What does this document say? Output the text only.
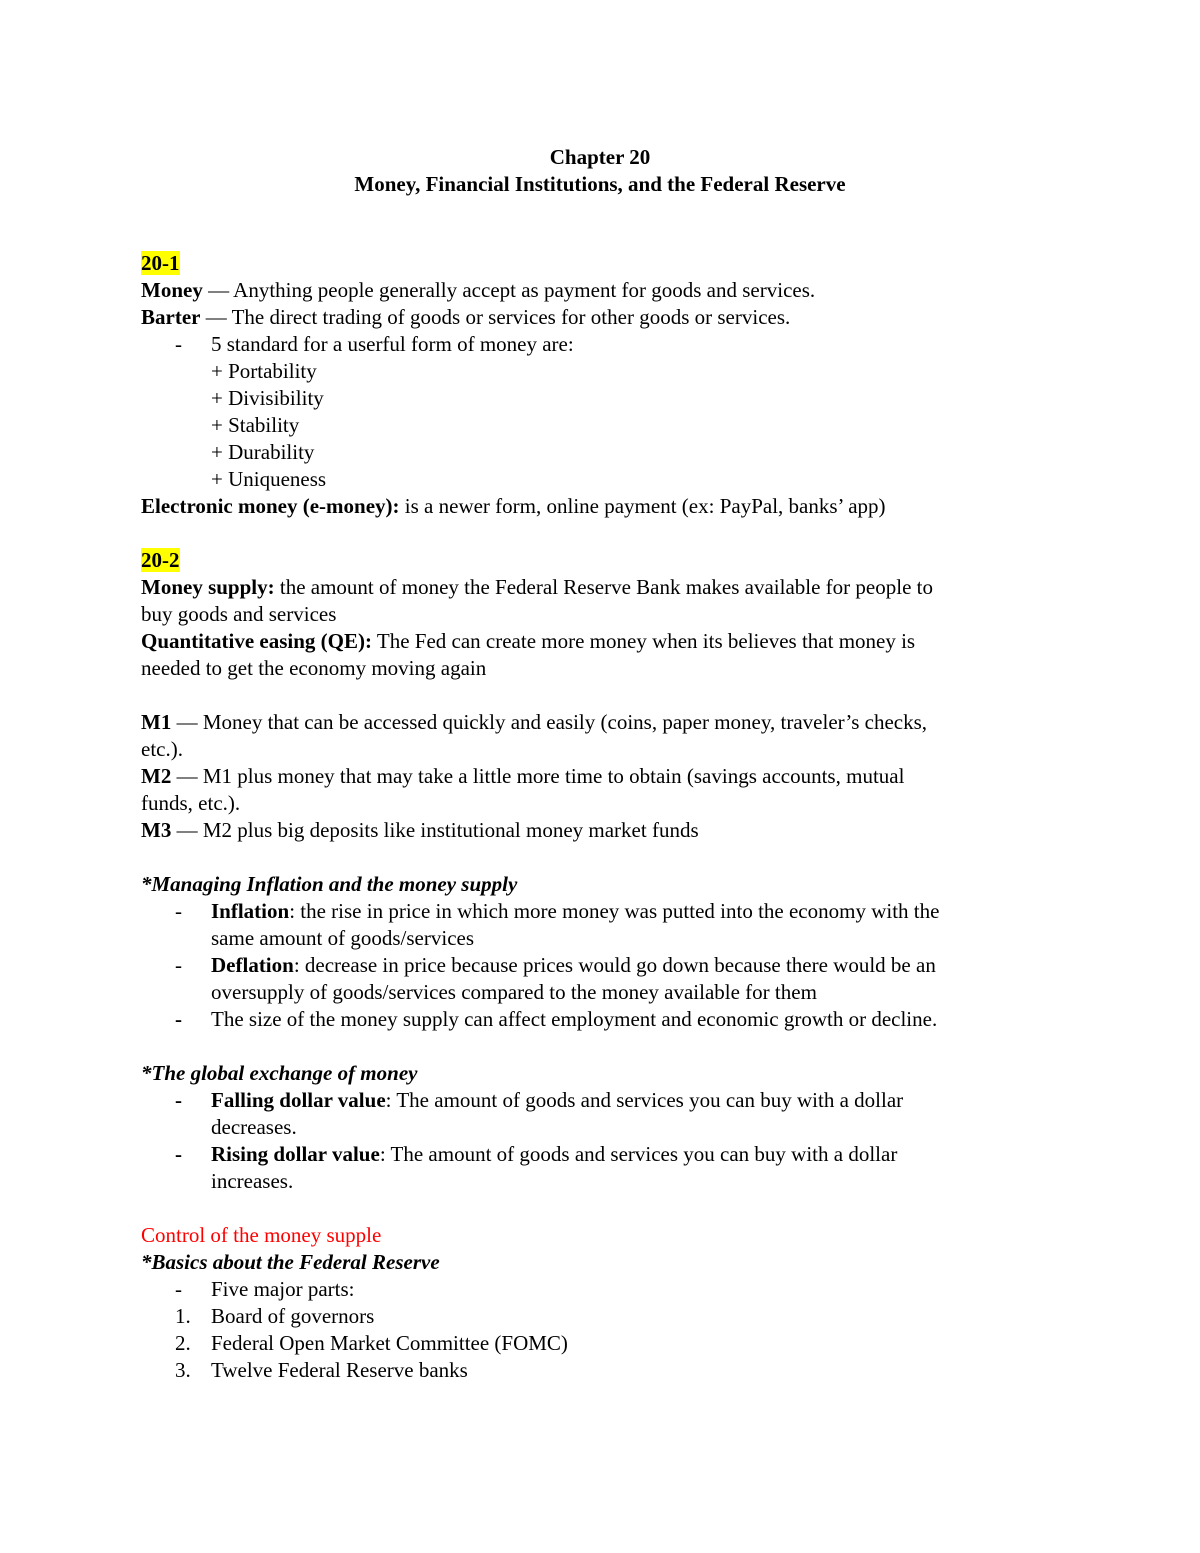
Chapter 20
Money, Financial Institutions, and the Federal Reserve
20-1
Money — Anything people generally accept as payment for goods and services.
Barter — The direct trading of goods or services for other goods or services.
- 5 standard for a userful form of money are:
+ Portability
+ Divisibility
+ Stability
+ Durability
+ Uniqueness
Electronic money (e-money): is a newer form, online payment (ex: PayPal, banks’ app)
20-2
Money supply: the amount of money the Federal Reserve Bank makes available for people to
buy goods and services
Quantitative easing (QE): The Fed can create more money when its believes that money is
needed to get the economy moving again
M1 — Money that can be accessed quickly and easily (coins, paper money, traveler’s checks,
etc.).
M2 — M1 plus money that may take a little more time to obtain (savings accounts, mutual
funds, etc.).
M3 — M2 plus big deposits like institutional money market funds
*Managing Inflation and the money supply
- Inflation: the rise in price in which more money was putted into the economy with the
same amount of goods/services
- Deflation: decrease in price because prices would go down because there would be an
oversupply of goods/services compared to the money available for them
- The size of the money supply can affect employment and economic growth or decline.
*The global exchange of money
- Falling dollar value: The amount of goods and services you can buy with a dollar
decreases.
- Rising dollar value: The amount of goods and services you can buy with a dollar
increases.
Control of the money supple
*Basics about the Federal Reserve
- Five major parts:
1. Board of governors
2. Federal Open Market Committee (FOMC)
3. Twelve Federal Reserve banks
